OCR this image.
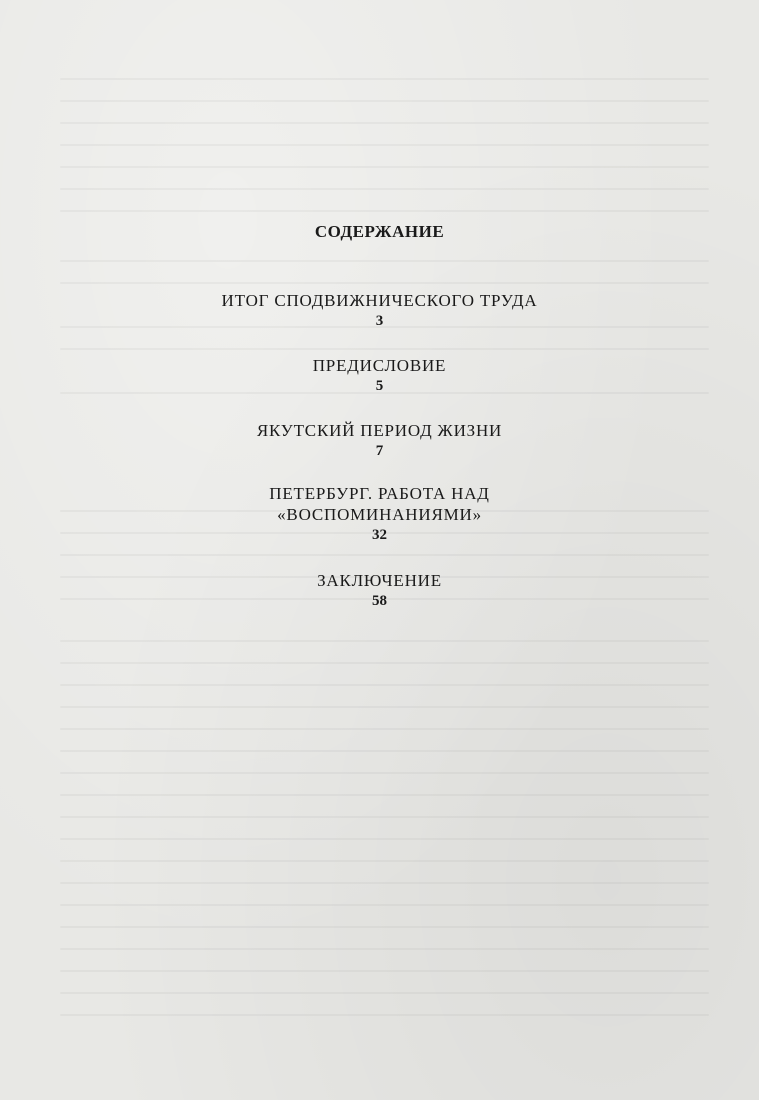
СОДЕРЖАНИЕ
ИТОГ СПОДВИЖНИЧЕСКОГО ТРУДА
3
ПРЕДИСЛОВИЕ
5
ЯКУТСКИЙ ПЕРИОД ЖИЗНИ
7
ПЕТЕРБУРГ. РАБОТА НАД
«ВОСПОМИНАНИЯМИ»
32
ЗАКЛЮЧЕНИЕ
58
